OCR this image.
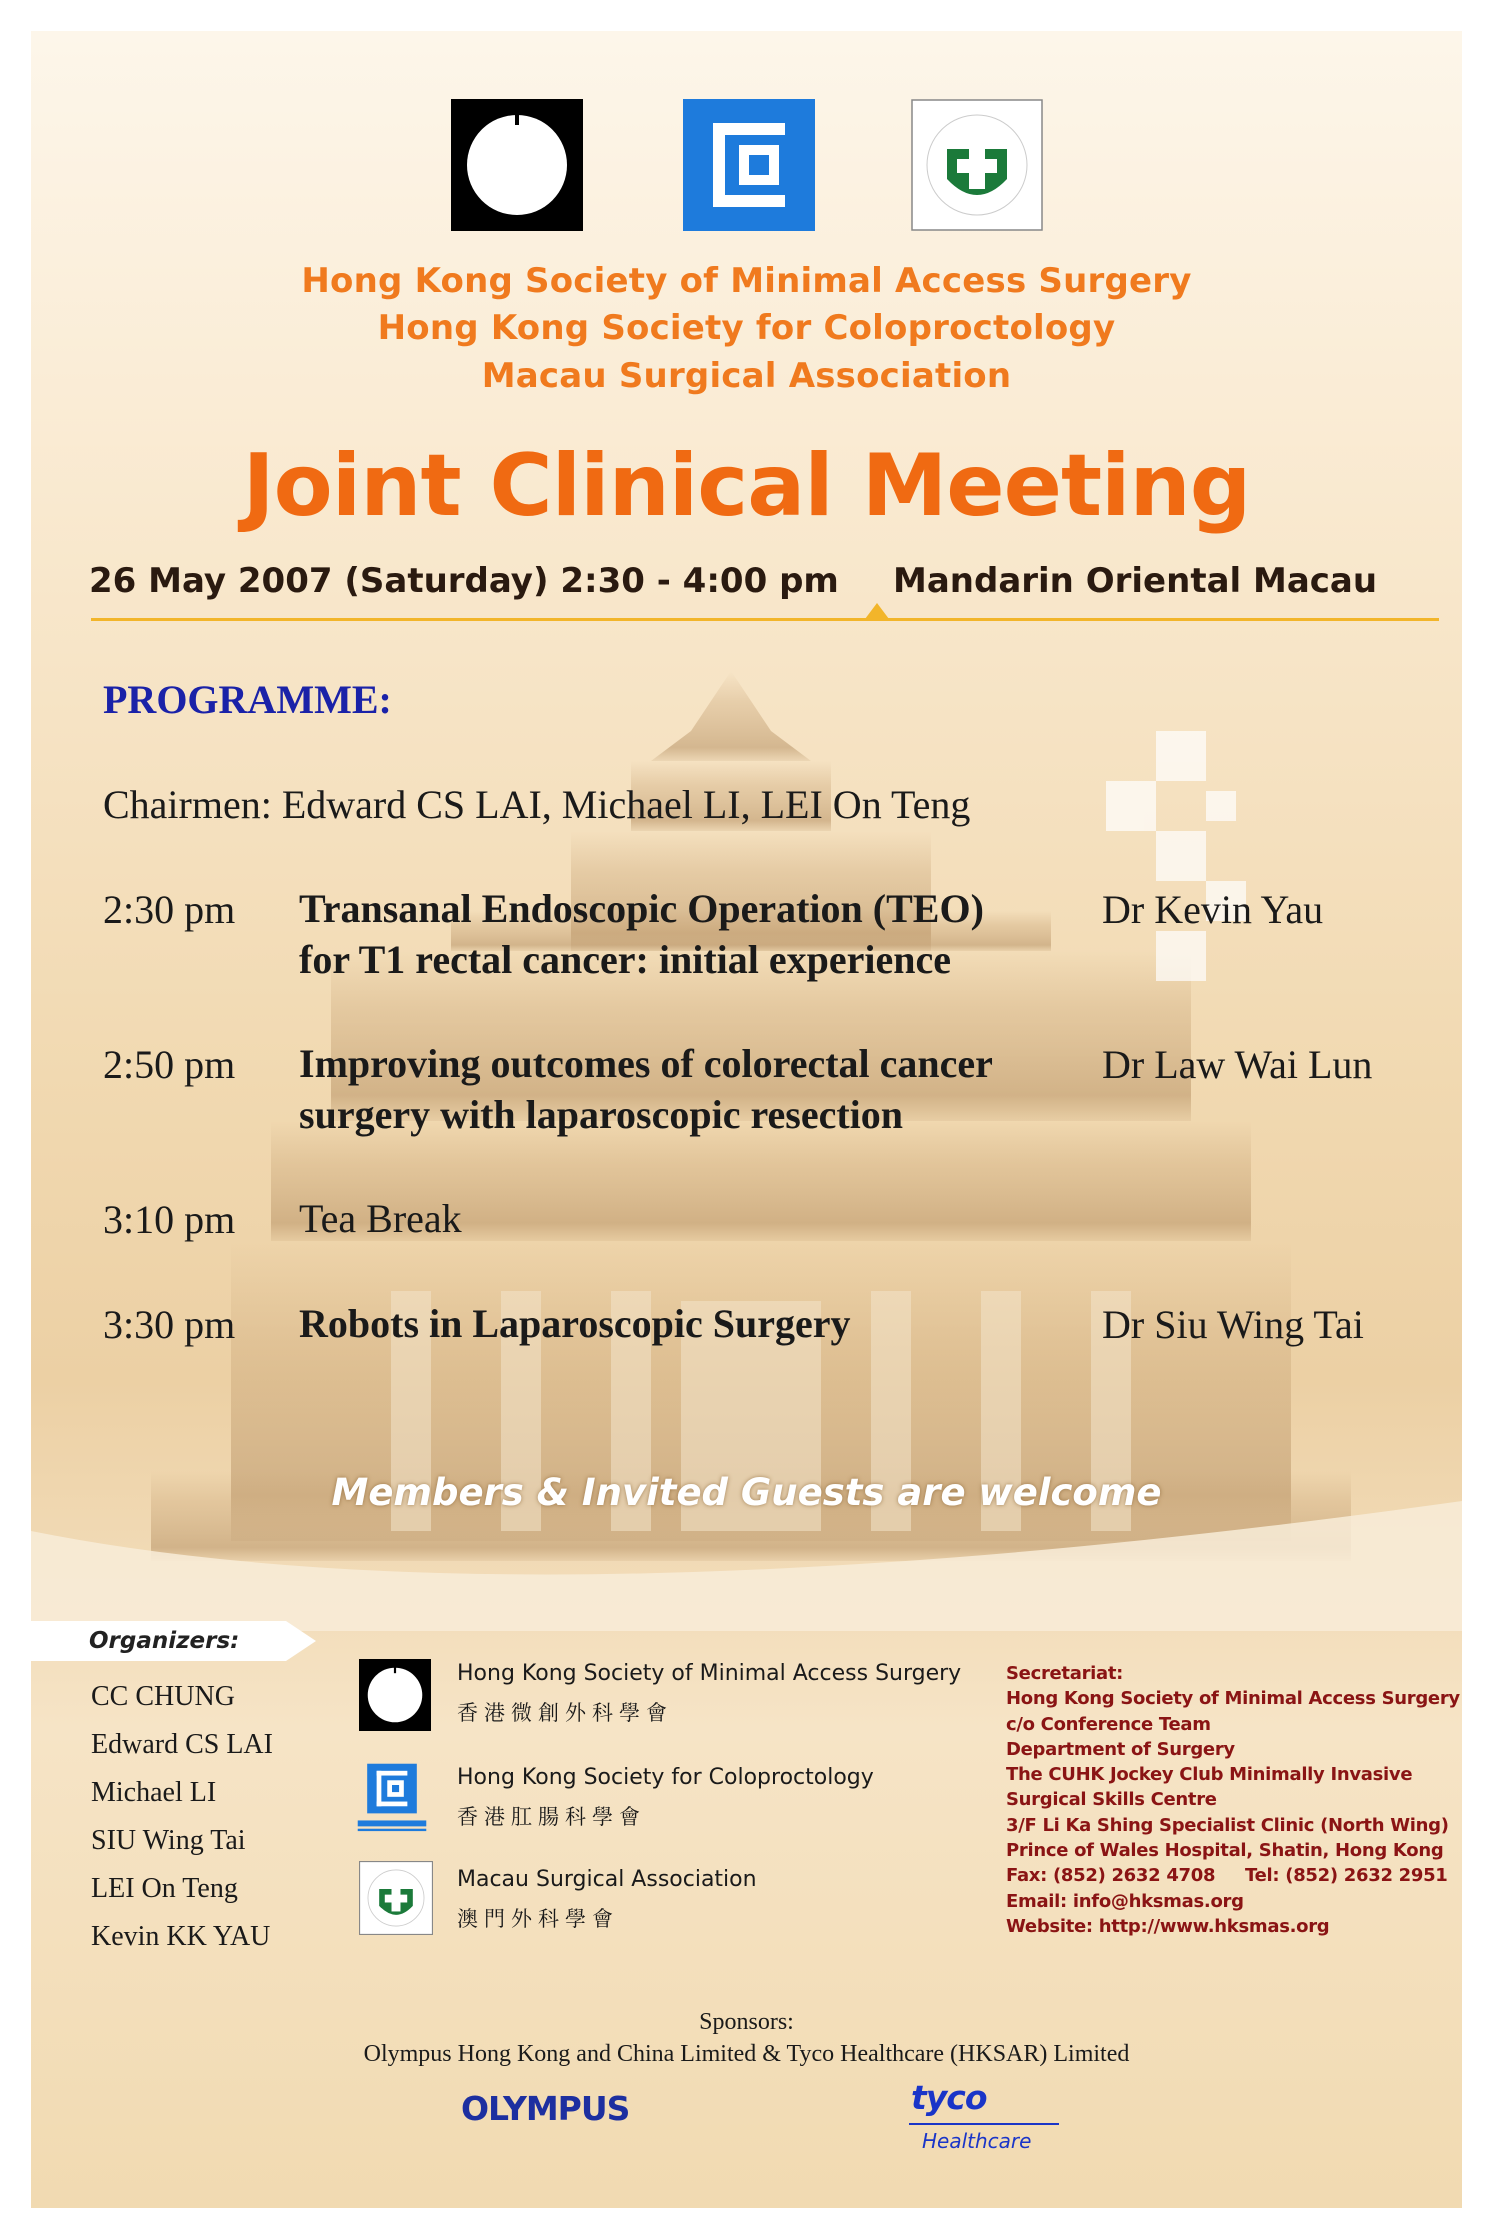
Hong Kong Society of Minimal Access Surgery
Hong Kong Society for Coloproctology
Macau Surgical Association
Joint Clinical Meeting
26 May 2007 (Saturday) 2:30 - 4:00 pm Mandarin Oriental Macau
PROGRAMME:
Chairmen: Edward CS LAI, Michael LI, LEI On Teng
2:30 pm Transanal Endoscopic Operation (TEO)
for T1 rectal cancer: initial experience
Dr Kevin Yau
2:50 pm Improving outcomes of colorectal cancer
surgery with laparoscopic resection
Dr Law Wai Lun
3:10 pm Tea Break
3:30 pm Robots in Laparoscopic Surgery	Dr Siu Wing Tai
Members & Invited Guests are welcome
Organizers:
CC CHUNG
Edward CS LAI
Michael LI
SIU Wing Tai
LEI On Teng
Kevin KK YAU
Hong Kong Society of Minimal Access Surgery
香港微創外科學會
Hong Kong Society for Coloproctology
香港肛腸科學會
Macau Surgical Association
澳門外科學會
Secretariat:
Hong Kong Society of Minimal Access Surgery
c/o Conference Team
Department of Surgery
The CUHK Jockey Club Minimally Invasive
Surgical Skills Centre
3/F Li Ka Shing Specialist Clinic (North Wing)
Prince of Wales Hospital, Shatin, Hong Kong
Fax: (852) 2632 4708     Tel: (852) 2632 2951
Email: info@hksmas.org
Website: http://www.hksmas.org
Sponsors:
Olympus Hong Kong and China Limited & Tyco Healthcare (HKSAR) Limited
OLYMPUS	tyco
Healthcare
